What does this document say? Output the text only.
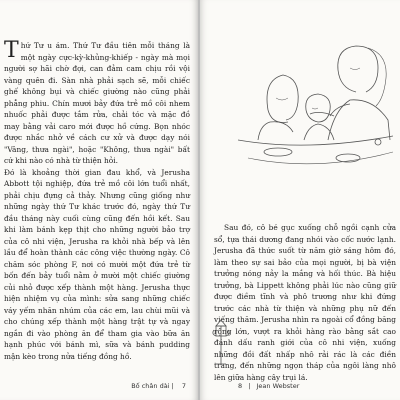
T hứ Tư u ám. Thứ Tư đầu tiên mỗi tháng là một ngày cực-kỳ-khủng-khiếp - ngày mà mọi người sợ hãi chờ đợi, can đảm cam chịu rồi vội vàng quên đi. Sàn nhà phải sạch sẽ, mỗi chiếc ghế không bụi và chiếc giường nào cũng phải phẳng phiu. Chín mươi bảy đứa trẻ mồ côi nhem nhuốc phải được tắm rửa, chải tóc và mặc đồ may bằng vải caro mới được hồ cứng. Bọn nhóc được nhắc nhở về cách cư xử và được dạy nói "Vâng, thưa ngài", hoặc "Không, thưa ngài" bất cứ khi nào có nhà từ thiện hỏi.

Đó là khoảng thời gian đau khổ, và Jerusha Abbott tội nghiệp, đứa trẻ mồ côi lớn tuổi nhất, phải chịu đựng cả thảy. Nhưng cũng giống như những ngày thứ Tư khác trước đó, ngày thứ Tư đầu tháng này cuối cùng cũng đến hồi kết. Sau khi làm bánh kẹp thịt cho những người bảo trợ của cô nhi viện, Jerusha ra khỏi nhà bếp và lên lầu để hoàn thành các công việc thường ngày. Cô chăm sóc phòng F, nơi có mười một đứa trẻ từ bốn đến bảy tuổi nằm ở mười một chiếc giường củi nhỏ được xếp thành một hàng. Jerusha thực hiện nhiệm vụ của mình: sửa sang những chiếc váy yếm nhăn nhúm của các em, lau chùi mũi và cho chúng xếp thành một hàng trật tự và ngay ngắn đi vào phòng ăn để tham gia vào bữa ăn hạnh phúc với bánh mì, sữa và bánh pudding mận kèo trong nửa tiếng đồng hồ.

Bố chân dài | 7

Sau đó, cô bé gục xuống chỗ ngồi cạnh cửa sổ, tựa thái dương đang nhói vào cốc nước lạnh. Jerusha đã thức suốt từ năm giờ sáng hôm đó, làm theo sự sai bảo của mọi người, bị bà viện trưởng nóng nảy la mắng và hối thúc. Bà hiệu trưởng, bà Lippett không phải lúc nào cũng giữ được điềm tĩnh và phô trương như khi đứng trước các nhà từ thiện và những phụ nữ đến viếng thăm. Jerusha nhìn ra ngoài cổ đồng băng rộng lớn, vượt ra khỏi hàng rào bằng sắt cao đánh dấu ranh giới của cô nhi viện, xuống những đồi đất nhấp nhô rải rác là các điền trang, đến những ngọn tháp của ngôi làng nhô lên giữa hàng cây trụi lá.

8 | Jean Webster
